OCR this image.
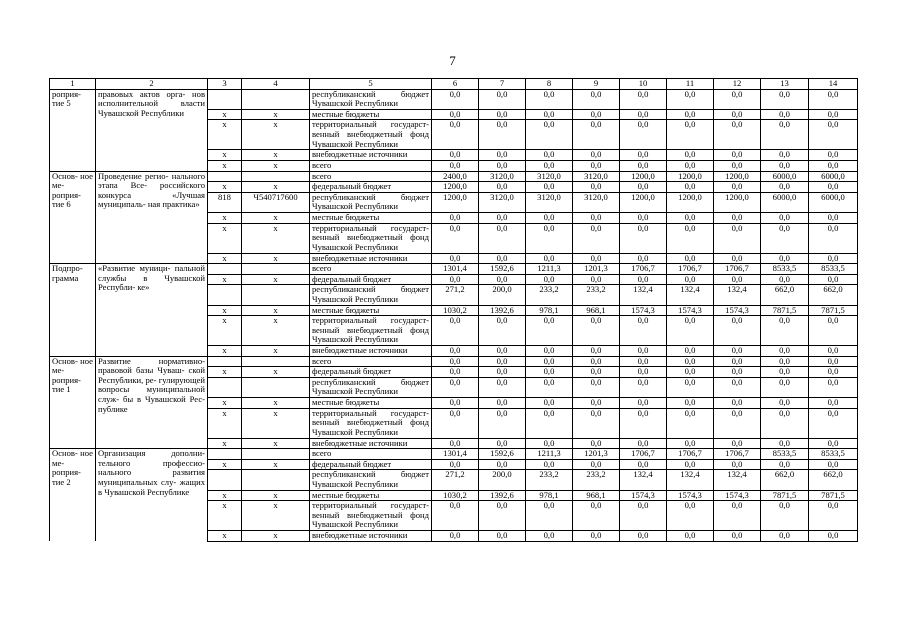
7
1	2	3	4	5	6	7	8	9	10	11	12	13	14
роприя- тие 5	правовых актов орга- нов исполнительной власти Чувашской Республики			республиканский бюджет Чувашской Республики	0,0	0,0	0,0	0,0	0,0	0,0	0,0	0,0	0,0
		x	x	местные бюджеты	0,0	0,0	0,0	0,0	0,0	0,0	0,0	0,0	0,0
		x	x	территориальный государст- венный внебюджетный фонд Чувашской Республики	0,0	0,0	0,0	0,0	0,0	0,0	0,0	0,0	0,0
		x	x	внебюджетные источники	0,0	0,0	0,0	0,0	0,0	0,0	0,0	0,0	0,0
		x	x	всего	0,0	0,0	0,0	0,0	0,0	0,0	0,0	0,0	0,0
Основ- ное ме- роприя- тие 6	Проведение регио- нального этапа Все- российского конкурса «Лучшая муниципаль- ная практика»			всего	2400,0	3120,0	3120,0	3120,0	1200,0	1200,0	1200,0	6000,0	6000,0
		x	x	федеральный бюджет	1200,0	0,0	0,0	0,0	0,0	0,0	0,0	0,0	0,0
		818	Ч540717600	республиканский бюджет Чувашской Республики	1200,0	3120,0	3120,0	3120,0	1200,0	1200,0	1200,0	6000,0	6000,0
		x	x	местные бюджеты	0,0	0,0	0,0	0,0	0,0	0,0	0,0	0,0	0,0
		x	x	территориальный государст- венный внебюджетный фонд Чувашской Республики	0,0	0,0	0,0	0,0	0,0	0,0	0,0	0,0	0,0
		x	x	внебюджетные источники	0,0	0,0	0,0	0,0	0,0	0,0	0,0	0,0	0,0
Подпро- грамма	«Развитие муници- пальной службы в Чувашской Республи- ке»			всего	1301,4	1592,6	1211,3	1201,3	1706,7	1706,7	1706,7	8533,5	8533,5
		x	x	федеральный бюджет	0,0	0,0	0,0	0,0	0,0	0,0	0,0	0,0	0,0
				республиканский бюджет Чувашской Республики	271,2	200,0	233,2	233,2	132,4	132,4	132,4	662,0	662,0
		x	x	местные бюджеты	1030,2	1392,6	978,1	968,1	1574,3	1574,3	1574,3	7871,5	7871,5
		x	x	территориальный государст- венный внебюджетный фонд Чувашской Республики	0,0	0,0	0,0	0,0	0,0	0,0	0,0	0,0	0,0
		x	x	внебюджетные источники	0,0	0,0	0,0	0,0	0,0	0,0	0,0	0,0	0,0
Основ- ное ме- роприя- тие 1	Развитие нормативно- правовой базы Чуваш- ской Республики, ре- гулирующей вопросы муниципальной служ- бы в Чувашской Рес- публике			всего	0,0	0,0	0,0	0,0	0,0	0,0	0,0	0,0	0,0
		x	x	федеральный бюджет	0,0	0,0	0,0	0,0	0,0	0,0	0,0	0,0	0,0
				республиканский бюджет Чувашской Республики	0,0	0,0	0,0	0,0	0,0	0,0	0,0	0,0	0,0
		x	x	местные бюджеты	0,0	0,0	0,0	0,0	0,0	0,0	0,0	0,0	0,0
		x	x	территориальный государст- венный внебюджетный фонд Чувашской Республики	0,0	0,0	0,0	0,0	0,0	0,0	0,0	0,0	0,0
		x	x	внебюджетные источники	0,0	0,0	0,0	0,0	0,0	0,0	0,0	0,0	0,0
Основ- ное ме- роприя- тие 2	Организация дополни- тельного профессио- нального развития муниципальных слу- жащих в Чувашской Республике			всего	1301,4	1592,6	1211,3	1201,3	1706,7	1706,7	1706,7	8533,5	8533,5
		x	x	федеральный бюджет	0,0	0,0	0,0	0,0	0,0	0,0	0,0	0,0	0,0
				республиканский бюджет Чувашской Республики	271,2	200,0	233,2	233,2	132,4	132,4	132,4	662,0	662,0
		x	x	местные бюджеты	1030,2	1392,6	978,1	968,1	1574,3	1574,3	1574,3	7871,5	7871,5
		x	x	территориальный государст- венный внебюджетный фонд Чувашской Республики	0,0	0,0	0,0	0,0	0,0	0,0	0,0	0,0	0,0
		x	x	внебюджетные источники	0,0	0,0	0,0	0,0	0,0	0,0	0,0	0,0	0,0
